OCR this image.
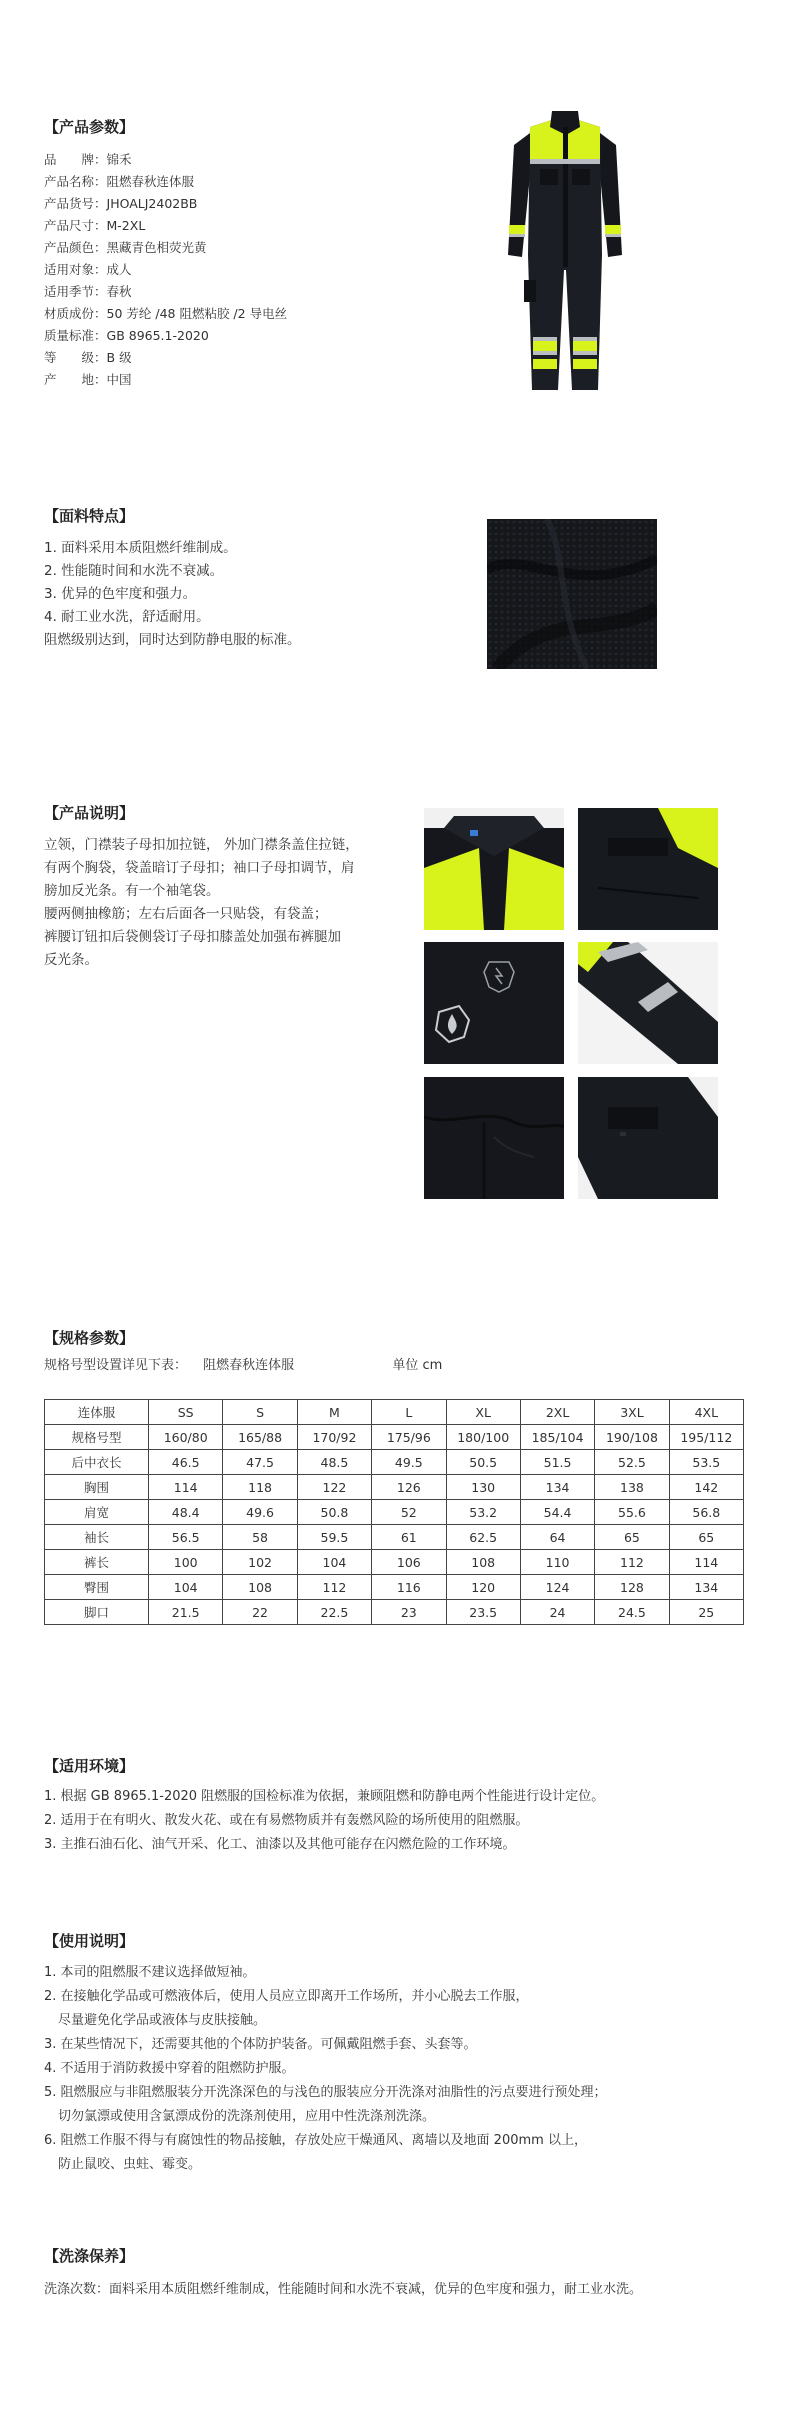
【产品参数】
品　　牌：锦禾
产品名称：阻燃春秋连体服
产品货号：JHOALJ2402BB
产品尺寸：M-2XL
产品颜色：黑藏青色相荧光黄
适用对象：成人
适用季节：春秋
材质成份：50 芳纶 /48 阻燃粘胶 /2 导电丝
质量标准：GB 8965.1-2020
等　　级：B 级
产　　地：中国
【面料特点】
1. 面料采用本质阻燃纤维制成。
2. 性能随时间和水洗不衰减。
3. 优异的色牢度和强力。
4. 耐工业水洗，舒适耐用。
阻燃级别达到，同时达到防静电服的标准。
【产品说明】
立领，门襟装子母扣加拉链， 外加门襟条盖住拉链，
有两个胸袋，袋盖暗订子母扣；袖口子母扣调节，肩
膀加反光条。有一个袖笔袋。
腰两侧抽橡筋；左右后面各一只贴袋，有袋盖；
裤腰订钮扣后袋侧袋订子母扣膝盖处加强布裤腿加
反光条。
【规格参数】
规格号型设置详见下表： 阻燃春秋连体服	单位 cm
连体服	SS	S	M	L	XL	2XL	3XL	4XL
规格号型	160/80	165/88	170/92	175/96	180/100	185/104	190/108	195/112
后中衣长	46.5	47.5	48.5	49.5	50.5	51.5	52.5	53.5
胸围	114	118	122	126	130	134	138	142
肩宽	48.4	49.6	50.8	52	53.2	54.4	55.6	56.8
袖长	56.5	58	59.5	61	62.5	64	65	65
裤长	100	102	104	106	108	110	112	114
臀围	104	108	112	116	120	124	128	134
脚口	21.5	22	22.5	23	23.5	24	24.5	25
【适用环境】
1. 根据 GB 8965.1-2020 阻燃服的国检标准为依据，兼顾阻燃和防静电两个性能进行设计定位。
2. 适用于在有明火、散发火花、或在有易燃物质并有轰燃风险的场所使用的阻燃服。
3. 主推石油石化、油气开采、化工、油漆以及其他可能存在闪燃危险的工作环境。
【使用说明】
1. 本司的阻燃服不建议选择做短袖。
2. 在接触化学品或可燃液体后，使用人员应立即离开工作场所，并小心脱去工作服，
尽量避免化学品或液体与皮肤接触。
3. 在某些情况下，还需要其他的个体防护装备。可佩戴阻燃手套、头套等。
4. 不适用于消防救援中穿着的阻燃防护服。
5. 阻燃服应与非阻燃服装分开洗涤深色的与浅色的服装应分开洗涤对油脂性的污点要进行预处理；
切勿氯漂或使用含氯漂成份的洗涤剂使用，应用中性洗涤剂洗涤。
6. 阻燃工作服不得与有腐蚀性的物品接触，存放处应干燥通风、离墙以及地面 200mm 以上，
防止鼠咬、虫蛀、霉变。
【洗涤保养】
洗涤次数：面料采用本质阻燃纤维制成，性能随时间和水洗不衰减，优异的色牢度和强力，耐工业水洗。
